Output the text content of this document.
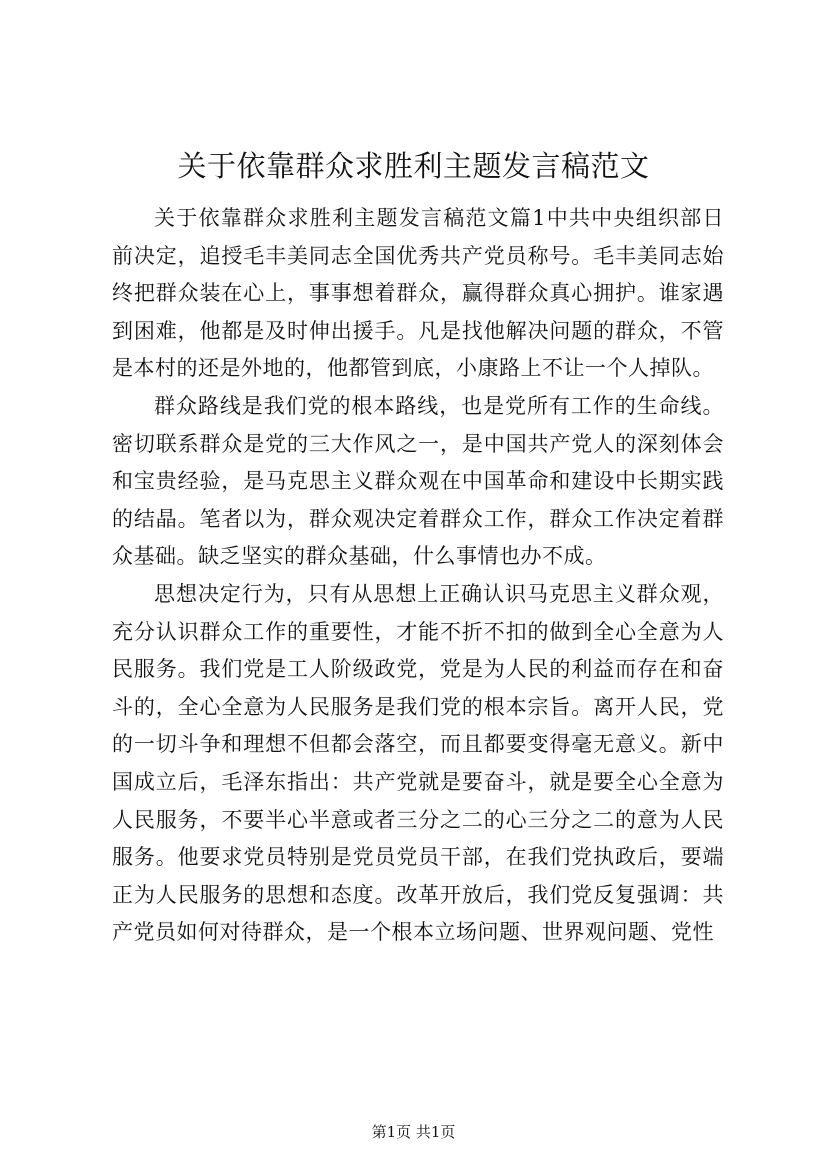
关于依靠群众求胜利主题发言稿范文

关于依靠群众求胜利主题发言稿范文篇1中共中央组织部日前决定，追授毛丰美同志全国优秀共产党员称号。毛丰美同志始终把群众装在心上，事事想着群众，赢得群众真心拥护。谁家遇到困难，他都是及时伸出援手。凡是找他解决问题的群众，不管是本村的还是外地的，他都管到底，小康路上不让一个人掉队。

群众路线是我们党的根本路线，也是党所有工作的生命线。密切联系群众是党的三大作风之一，是中国共产党人的深刻体会和宝贵经验，是马克思主义群众观在中国革命和建设中长期实践的结晶。笔者以为，群众观决定着群众工作，群众工作决定着群众基础。缺乏坚实的群众基础，什么事情也办不成。

思想决定行为，只有从思想上正确认识马克思主义群众观，充分认识群众工作的重要性，才能不折不扣的做到全心全意为人民服务。我们党是工人阶级政党，党是为人民的利益而存在和奋斗的，全心全意为人民服务是我们党的根本宗旨。离开人民，党的一切斗争和理想不但都会落空，而且都要变得毫无意义。新中国成立后，毛泽东指出：共产党就是要奋斗，就是要全心全意为人民服务，不要半心半意或者三分之二的心三分之二的意为人民服务。他要求党员特别是党员党员干部，在我们党执政后，要端正为人民服务的思想和态度。改革开放后，我们党反复强调：共产党员如何对待群众，是一个根本立场问题、世界观问题、党性

第1页 共1页
